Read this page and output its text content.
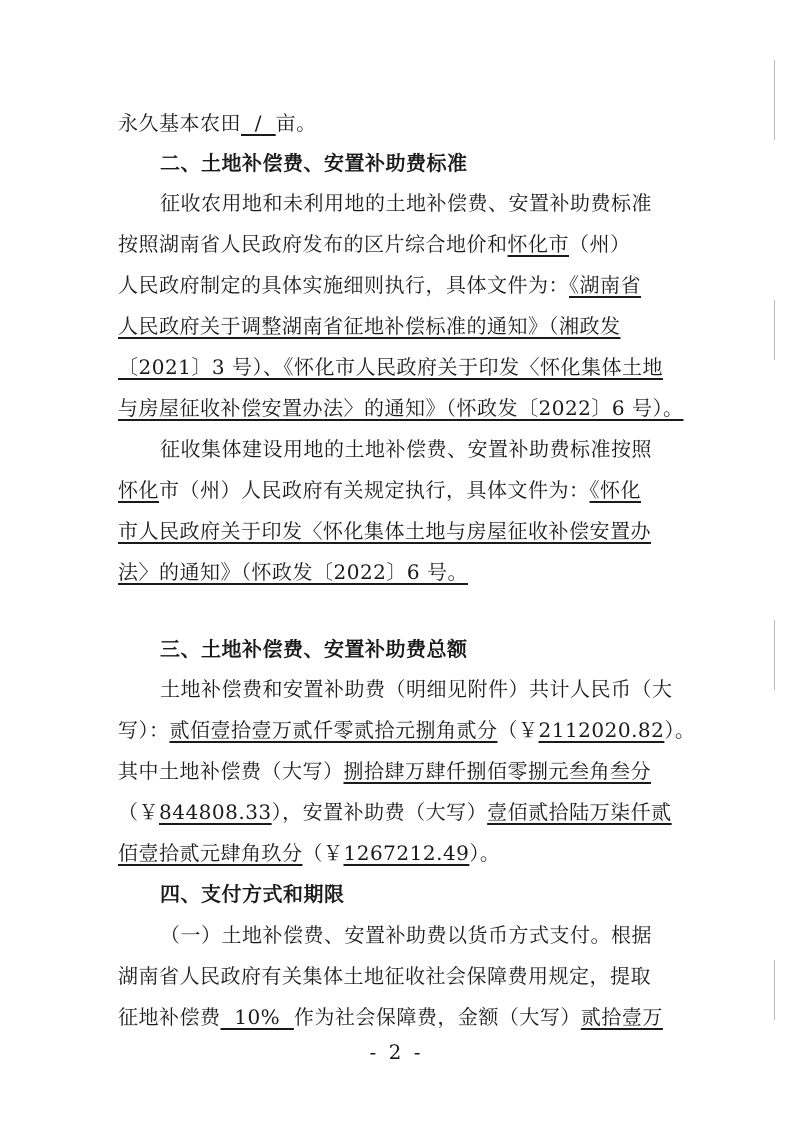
永久基本农田  /  亩。
二、土地补偿费、安置补助费标准
征收农用地和未利用地的土地补偿费、安置补助费标准
按照湖南省人民政府发布的区片综合地价和怀化市（州）
人民政府制定的具体实施细则执行，具体文件为：《湖南省
人民政府关于调整湖南省征地补偿标准的通知》（湘政发
〔2021〕3 号）、《怀化市人民政府关于印发〈怀化集体土地
与房屋征收补偿安置办法〉的通知》（怀政发〔2022〕6 号）。
征收集体建设用地的土地补偿费、安置补助费标准按照
怀化市（州）人民政府有关规定执行，具体文件为：《怀化
市人民政府关于印发〈怀化集体土地与房屋征收补偿安置办
法〉的通知》（怀政发〔2022〕6 号。
三、土地补偿费、安置补助费总额
土地补偿费和安置补助费（明细见附件）共计人民币（大
写）：贰佰壹拾壹万贰仟零贰拾元捌角贰分（￥2112020.82）。
其中土地补偿费（大写）捌拾肆万肆仟捌佰零捌元叁角叁分
（￥844808.33），安置补助费（大写）壹佰贰拾陆万柒仟贰
佰壹拾贰元肆角玖分（￥1267212.49）。
四、支付方式和期限
（一）土地补偿费、安置补助费以货币方式支付。根据
湖南省人民政府有关集体土地征收社会保障费用规定，提取
征地补偿费  10%  作为社会保障费，金额（大写）贰拾壹万
- 2 -
